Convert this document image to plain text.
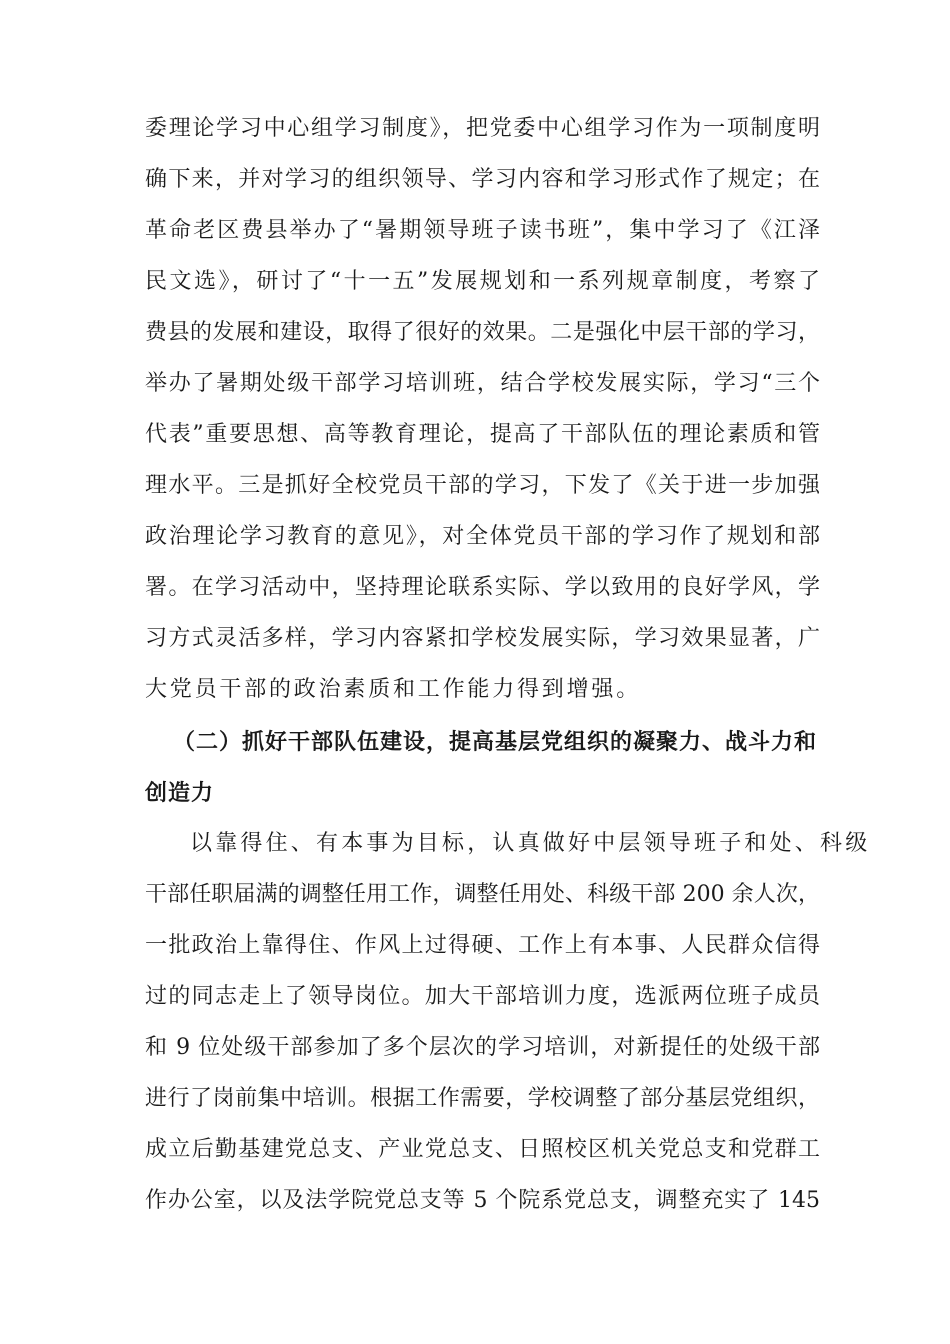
委理论学习中心组学习制度》，把党委中心组学习作为一项制度明
确下来，并对学习的组织领导、学习内容和学习形式作了规定；在
革命老区费县举办了“暑期领导班子读书班”，集中学习了《江泽
民文选》，研讨了“十一五”发展规划和一系列规章制度，考察了
费县的发展和建设，取得了很好的效果。二是强化中层干部的学习，
举办了暑期处级干部学习培训班，结合学校发展实际，学习“三个
代表”重要思想、高等教育理论，提高了干部队伍的理论素质和管
理水平。三是抓好全校党员干部的学习，下发了《关于进一步加强
政治理论学习教育的意见》，对全体党员干部的学习作了规划和部
署。在学习活动中，坚持理论联系实际、学以致用的良好学风，学
习方式灵活多样，学习内容紧扣学校发展实际，学习效果显著，广
大党员干部的政治素质和工作能力得到增强。
（二）抓好干部队伍建设，提高基层党组织的凝聚力、战斗力和
创造力
以靠得住、有本事为目标，认真做好中层领导班子和处、科级
干部任职届满的调整任用工作，调整任用处、科级干部 200 余人次，
一批政治上靠得住、作风上过得硬、工作上有本事、人民群众信得
过的同志走上了领导岗位。加大干部培训力度，选派两位班子成员
和 9 位处级干部参加了多个层次的学习培训，对新提任的处级干部
进行了岗前集中培训。根据工作需要，学校调整了部分基层党组织，
成立后勤基建党总支、产业党总支、日照校区机关党总支和党群工
作办公室，以及法学院党总支等 5 个院系党总支，调整充实了 145
